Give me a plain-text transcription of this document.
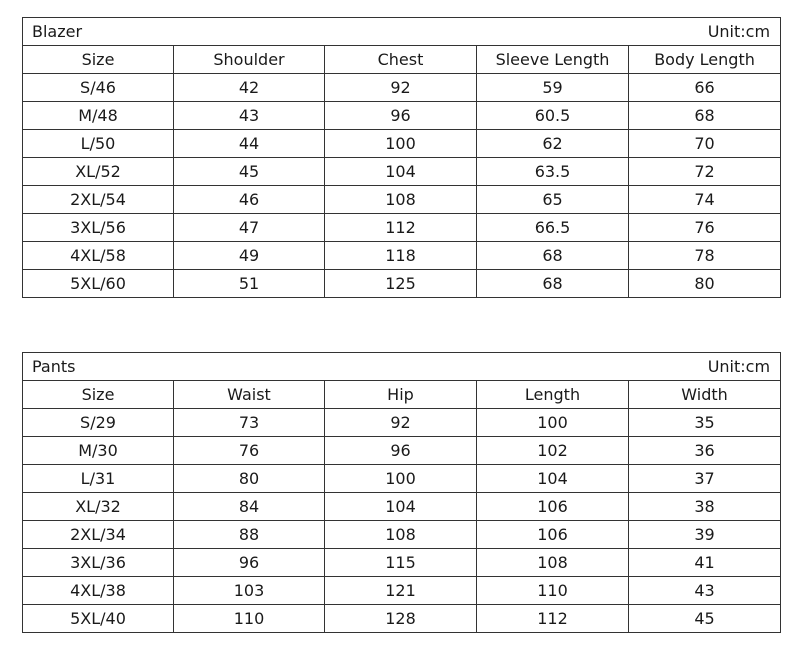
Blazer Unit:cm				

Size	Shoulder	Chest	Sleeve Length	Body Length
S/46	42	92	59	66
M/48	43	96	60.5	68
L/50	44	100	62	70
XL/52	45	104	63.5	72
2XL/54	46	108	65	74
3XL/56	47	112	66.5	76
4XL/58	49	118	68	78
5XL/60	51	125	68	80
Pants Unit:cm				

Size	Waist	Hip	Length	Width
S/29	73	92	100	35
M/30	76	96	102	36
L/31	80	100	104	37
XL/32	84	104	106	38
2XL/34	88	108	106	39
3XL/36	96	115	108	41
4XL/38	103	121	110	43
5XL/40	110	128	112	45
